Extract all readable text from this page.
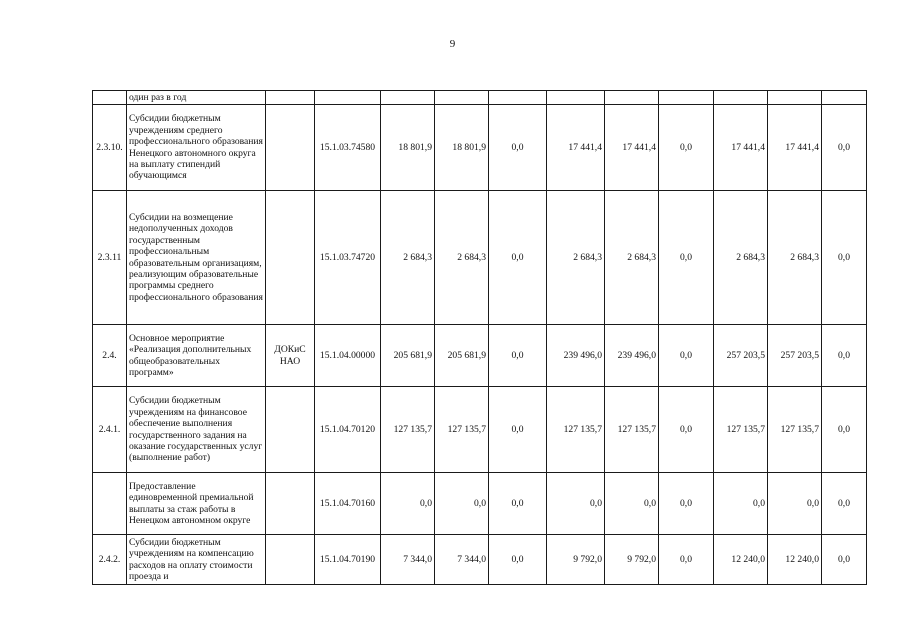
9
	один раз в год											
2.3.10.	Субсидии бюджетным учреждениям среднего профессионального образования Ненецкого автономного округа на выплату стипендий обучающимся		15.1.03.74580	18 801,9	18 801,9	0,0	17 441,4	17 441,4	0,0	17 441,4	17 441,4	0,0
2.3.11	Субсидии на возмещение недополученных доходов государственным профессиональным образовательным организациям, реализующим образовательные программы среднего профессионального образования		15.1.03.74720	2 684,3	2 684,3	0,0	2 684,3	2 684,3	0,0	2 684,3	2 684,3	0,0
2.4.	Основное мероприятие «Реализация дополнительных общеобразовательных программ»	ДОКиС НАО	15.1.04.00000	205 681,9	205 681,9	0,0	239 496,0	239 496,0	0,0	257 203,5	257 203,5	0,0
2.4.1.	Субсидии бюджетным учреждениям на финансовое обеспечение выполнения государственного задания на оказание государственных услуг (выполнение работ)		15.1.04.70120	127 135,7	127 135,7	0,0	127 135,7	127 135,7	0,0	127 135,7	127 135,7	0,0
	Предоставление единовременной премиальной выплаты за стаж работы в Ненецком автономном округе		15.1.04.70160	0,0	0,0	0,0	0,0	0,0	0,0	0,0	0,0	0,0
2.4.2.	Субсидии бюджетным учреждениям на компенсацию расходов на оплату стоимости проезда и		15.1.04.70190	7 344,0	7 344,0	0,0	9 792,0	9 792,0	0,0	12 240,0	12 240,0	0,0
